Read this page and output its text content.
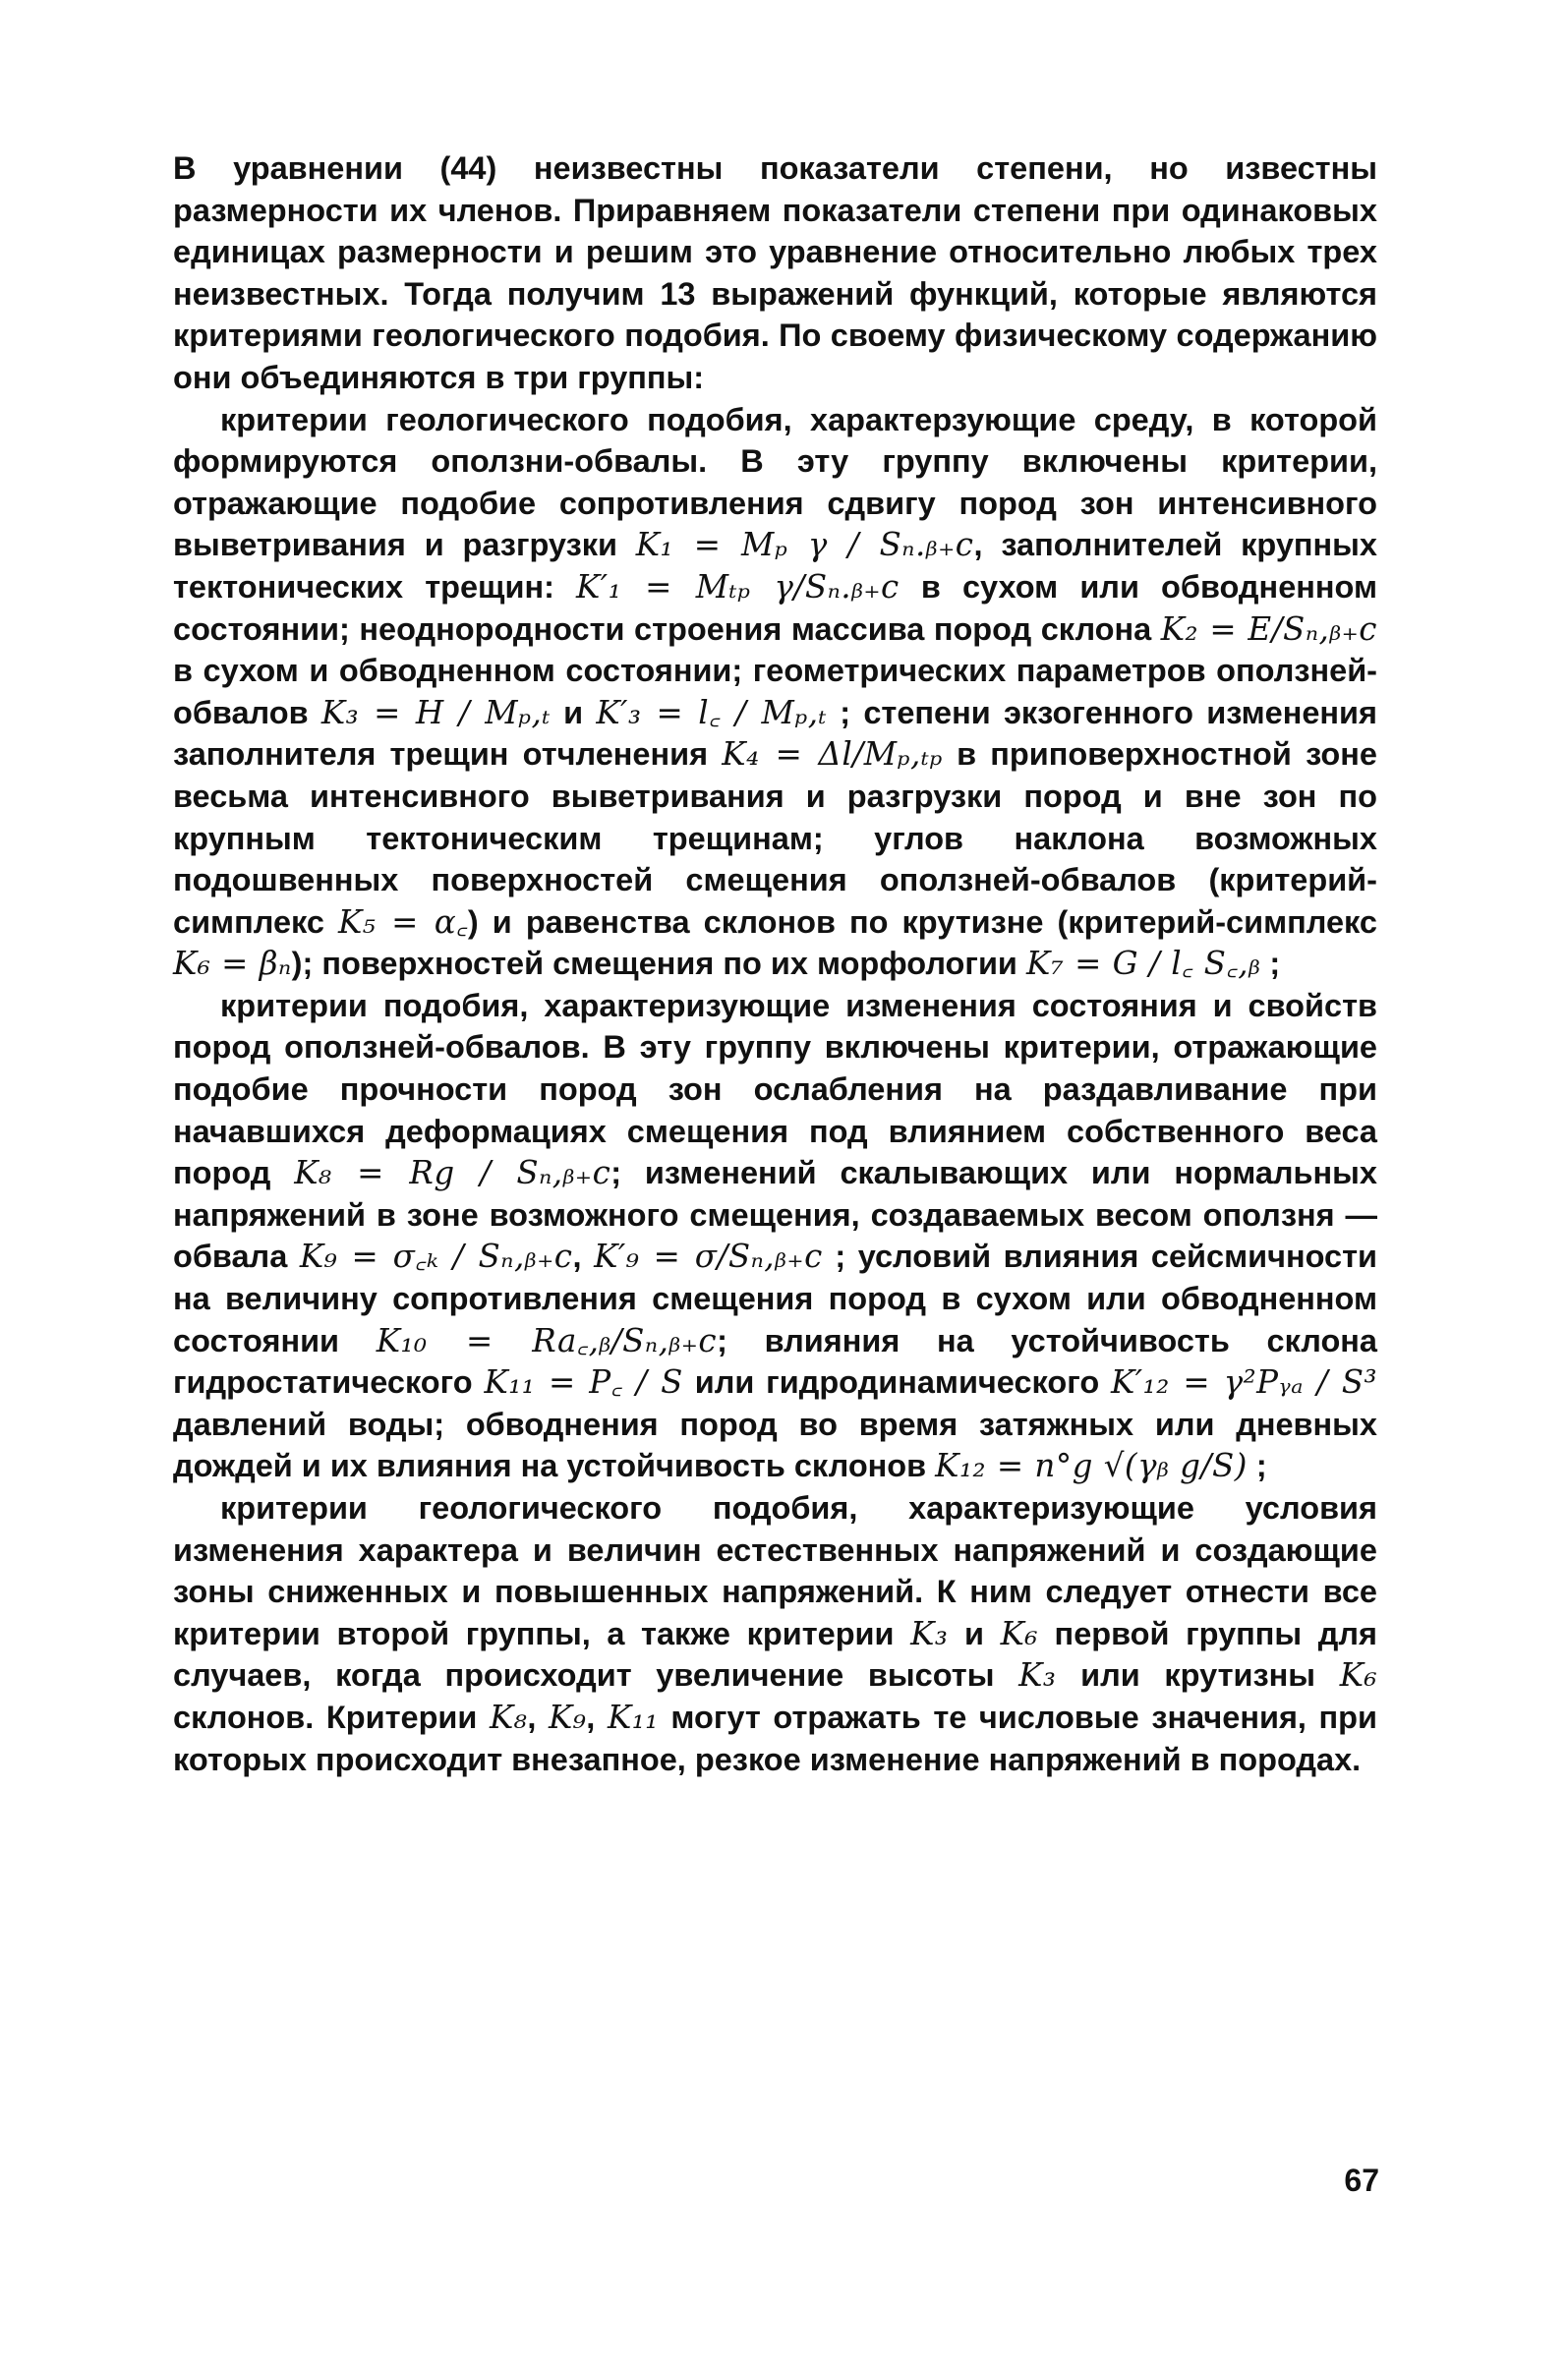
В уравнении (44) неизвестны показатели степени, но известны размерности их членов. Приравняем показатели степени при одинаковых единицах размерности и решим это уравнение относительно любых трех неизвестных. Тогда получим 13 выражений функций, которые являются критериями геологического подобия. По своему физическому содержанию они объединяются в три группы:

критерии геологического подобия, характерзующие среду, в которой формируются оползни-обвалы. В эту группу включены критерии, отражающие подобие сопротивления сдвигу пород зон интенсивного выветривания и разгрузки K₁ = Mₚ γ / Sₙ.ᵦ₊c, заполнителей крупных тектонических трещин: K′₁ = Mₜₚ γ/Sₙ.ᵦ₊c в сухом или обводненном состоянии; неоднородности строения массива пород склона K₂ = E/Sₙ,ᵦ₊c в сухом и обводненном состоянии; геометрических параметров оползней-обвалов K₃ = H / Mₚ,ₜ и K′₃ = l꜀ / Mₚ,ₜ ; степени экзогенного изменения заполнителя трещин отчленения K₄ = Δl/Mₚ,ₜₚ в приповерхностной зоне весьма интенсивного выветривания и разгрузки пород и вне зон по крупным тектоническим трещинам; углов наклона возможных подошвенных поверхностей смещения оползней-обвалов (критерий-симплекс K₅ = α꜀) и равенства склонов по крутизне (критерий-симплекс K₆ = βₙ); поверхностей смещения по их морфологии K₇ = G / l꜀ S꜀,ᵦ ;

критерии подобия, характеризующие изменения состояния и свойств пород оползней-обвалов. В эту группу включены критерии, отражающие подобие прочности пород зон ослабления на раздавливание при начавшихся деформациях смещения под влиянием собственного веса пород K₈ = Rg / Sₙ,ᵦ₊c; изменений скалывающих или нормальных напряжений в зоне возможного смещения, создаваемых весом оползня — обвала K₉ = σ꜀ₖ / Sₙ,ᵦ₊c, K′₉ = σ/Sₙ,ᵦ₊c ; условий влияния сейсмичности на величину сопротивления смещения пород в сухом или обводненном состоянии K₁₀ = Ra꜀,ᵦ/Sₙ,ᵦ₊c; влияния на устойчивость склона гидростатического K₁₁ = P꜀ / S или гидродинамического K′₁₂ = γ²Pᵧₐ / S³ давлений воды; обводнения пород во время затяжных или дневных дождей и их влияния на устойчивость склонов K₁₂ = n°g √(γᵦ g/S) ;

критерии геологического подобия, характеризующие условия изменения характера и величин естественных напряжений и создающие зоны сниженных и повышенных напряжений. К ним следует отнести все критерии второй группы, а также критерии K₃ и K₆ первой группы для случаев, когда происходит увеличение высоты K₃ или крутизны K₆ склонов. Критерии K₈, K₉, K₁₁ могут отражать те числовые значения, при которых происходит внезапное, резкое изменение напряжений в породах.

67
